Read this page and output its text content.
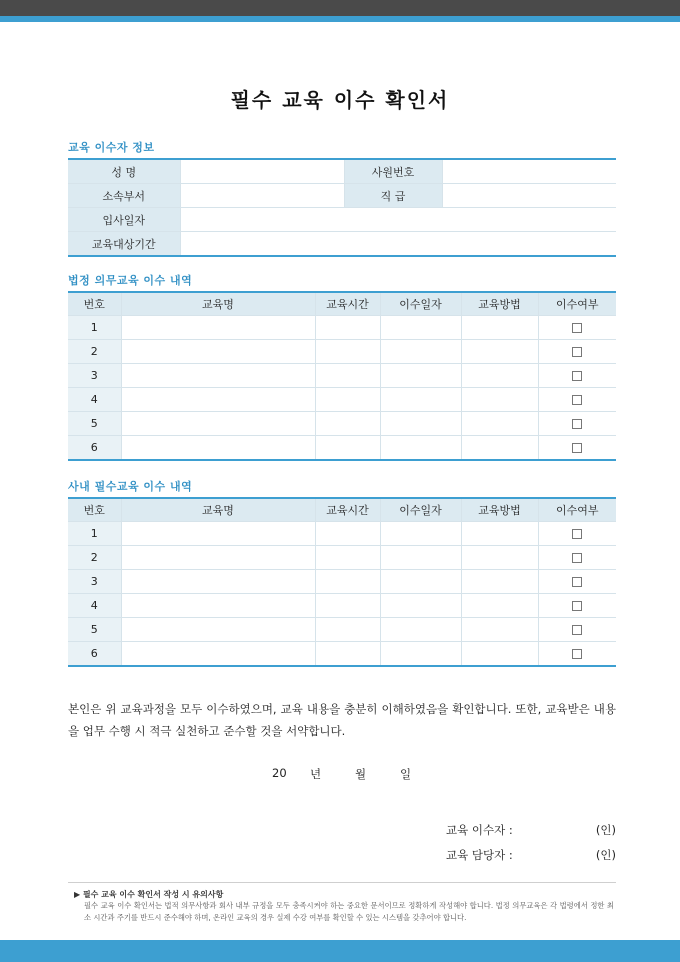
필수 교육 이수 확인서
교육 이수자 정보
성 명		사원번호	
소속부서		직 급	
입사일자			
교육대상기간			
법정 의무교육 이수 내역
번호	교육명	교육시간	이수일자	교육방법	이수여부
1					
2					
3					
4					
5					
6					
사내 필수교육 이수 내역
번호	교육명	교육시간	이수일자	교육방법	이수여부
1					
2					
3					
4					
5					
6					
본인은 위 교육과정을 모두 이수하였으며, 교육 내용을 충분히 이해하였음을 확인합니다. 또한, 교육받은 내용을 업무 수행 시 적극 실천하고 준수할 것을 서약합니다.
20 년	월	일
교육 이수자 :	(인)
교육 담당자 :	(인)
▶ 필수 교육 이수 확인서 작성 시 유의사항
필수 교육 이수 확인서는 법적 의무사항과 회사 내부 규정을 모두 충족시켜야 하는 중요한 문서이므로 정확하게 작성해야 합니다. 법정 의무교육은 각 법령에서 정한 최소 시간과 주기를 반드시 준수해야 하며, 온라인 교육의 경우 실제 수강 여부를 확인할 수 있는 시스템을 갖추어야 합니다.
